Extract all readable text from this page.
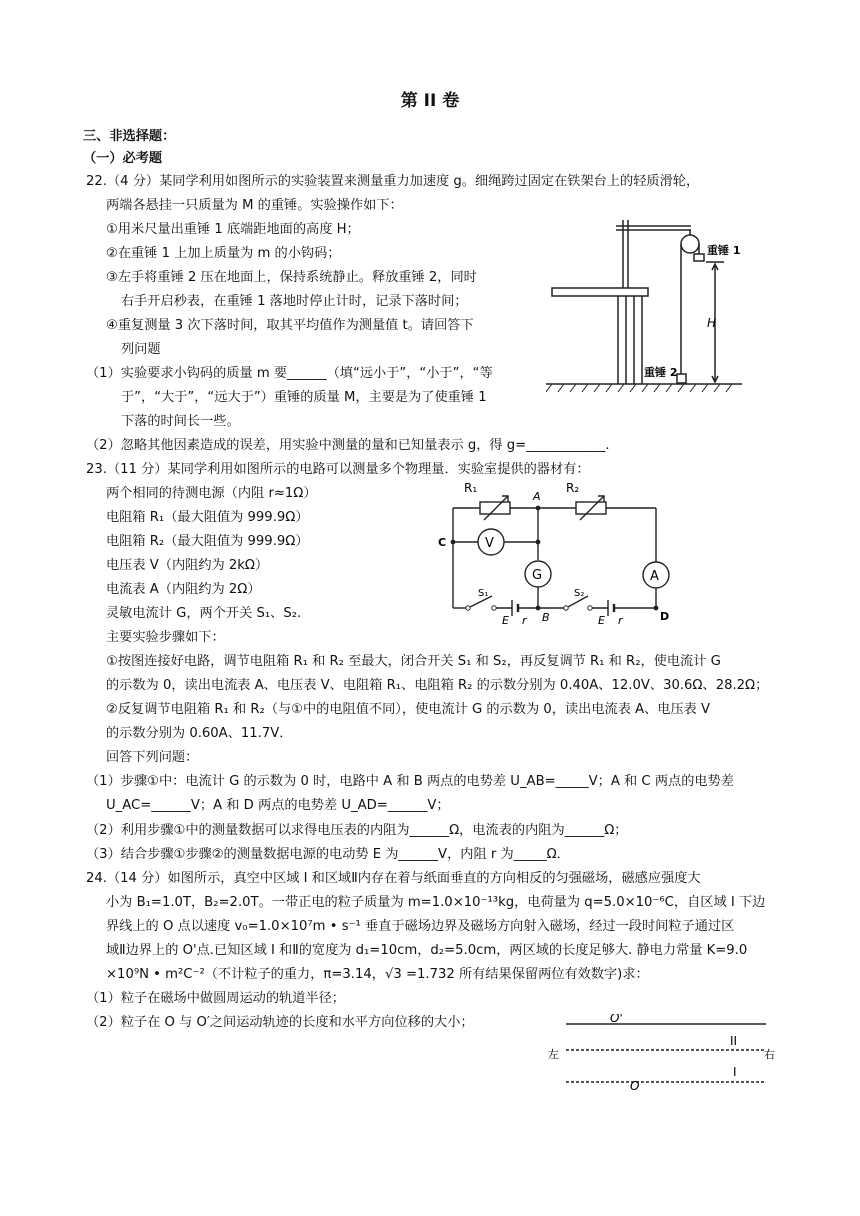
第 II 卷
三、非选择题：
（一）必考题
22.（4 分）某同学利用如图所示的实验装置来测量重力加速度 g。细绳跨过固定在铁架台上的轻质滑轮，
两端各悬挂一只质量为 M 的重锤。实验操作如下：
①用米尺量出重锤 1 底端距地面的高度 H；
②在重锤 1 上加上质量为 m 的小钩码；
③左手将重锤 2 压在地面上，保持系统静止。释放重锤 2，同时
右手开启秒表，在重锤 1 落地时停止计时，记录下落时间；
④重复测量 3 次下落时间，取其平均值作为测量值 t。请回答下
列问题
（1）实验要求小钩码的质量 m 要______（填“远小于”，“小于”，“等
于”，“大于”，“远大于”）重锤的质量 M，主要是为了使重锤 1
下落的时间长一些。
（2）忽略其他因素造成的误差，用实验中测量的量和已知量表示 g，得 g=____________.
重锤 1
重锤 2
H
23.（11 分）某同学利用如图所示的电路可以测量多个物理量．实验室提供的器材有：
两个相同的待测电源（内阻 r≈1Ω）
电阻箱 R₁（最大阻值为 999.9Ω）
电阻箱 R₂（最大阻值为 999.9Ω）
电压表 V（内阻约为 2kΩ）
电流表 A（内阻约为 2Ω）
灵敏电流计 G，两个开关 S₁、S₂.
主要实验步骤如下：
①按图连接好电路，调节电阻箱 R₁ 和 R₂ 至最大，闭合开关 S₁ 和 S₂，再反复调节 R₁ 和 R₂，使电流计 G
的示数为 0，读出电流表 A、电压表 V、电阻箱 R₁、电阻箱 R₂ 的示数分别为 0.40A、12.0V、30.6Ω、28.2Ω；
②反复调节电阻箱 R₁ 和 R₂（与①中的电阻值不同），使电流计 G 的示数为 0，读出电流表 A、电压表 V
的示数分别为 0.60A、11.7V．
回答下列问题：
（1）步骤①中：电流计 G 的示数为 0 时，电路中 A 和 B 两点的电势差 U_AB=_____V；A 和 C 两点的电势差
U_AC=______V；A 和 D 两点的电势差 U_AD=______V；
（2）利用步骤①中的测量数据可以求得电压表的内阻为______Ω，电流表的内阻为______Ω；
（3）结合步骤①步骤②的测量数据电源的电动势 E 为______V，内阻 r 为_____Ω．
R₁	R₂
A
C
D
B
V
G	A
S₁	S₂
E r	E r
24.（14 分）如图所示，真空中区域 I 和区域Ⅱ内存在着与纸面垂直的方向相反的匀强磁场，磁感应强度大
小为 B₁=1.0T，B₂=2.0T。一带正电的粒子质量为 m=1.0×10⁻¹³kg，电荷量为 q=5.0×10⁻⁶C，自区域 I 下边
界线上的 O 点以速度 v₀=1.0×10⁷m • s⁻¹ 垂直于磁场边界及磁场方向射入磁场，经过一段时间粒子通过区
域Ⅱ边界上的 O'点.已知区域 I 和Ⅱ的宽度为 d₁=10cm，d₂=5.0cm，两区域的长度足够大. 静电力常量 K=9.0
×10⁹N • m²C⁻²（不计粒子的重力，π=3.14，√3 =1.732 所有结果保留两位有效数字)求：
（1）粒子在磁场中做圆周运动的轨道半径；
（2）粒子在 O 与 O′之间运动轨迹的长度和水平方向位移的大小；	O'
O
左	右
II
I
